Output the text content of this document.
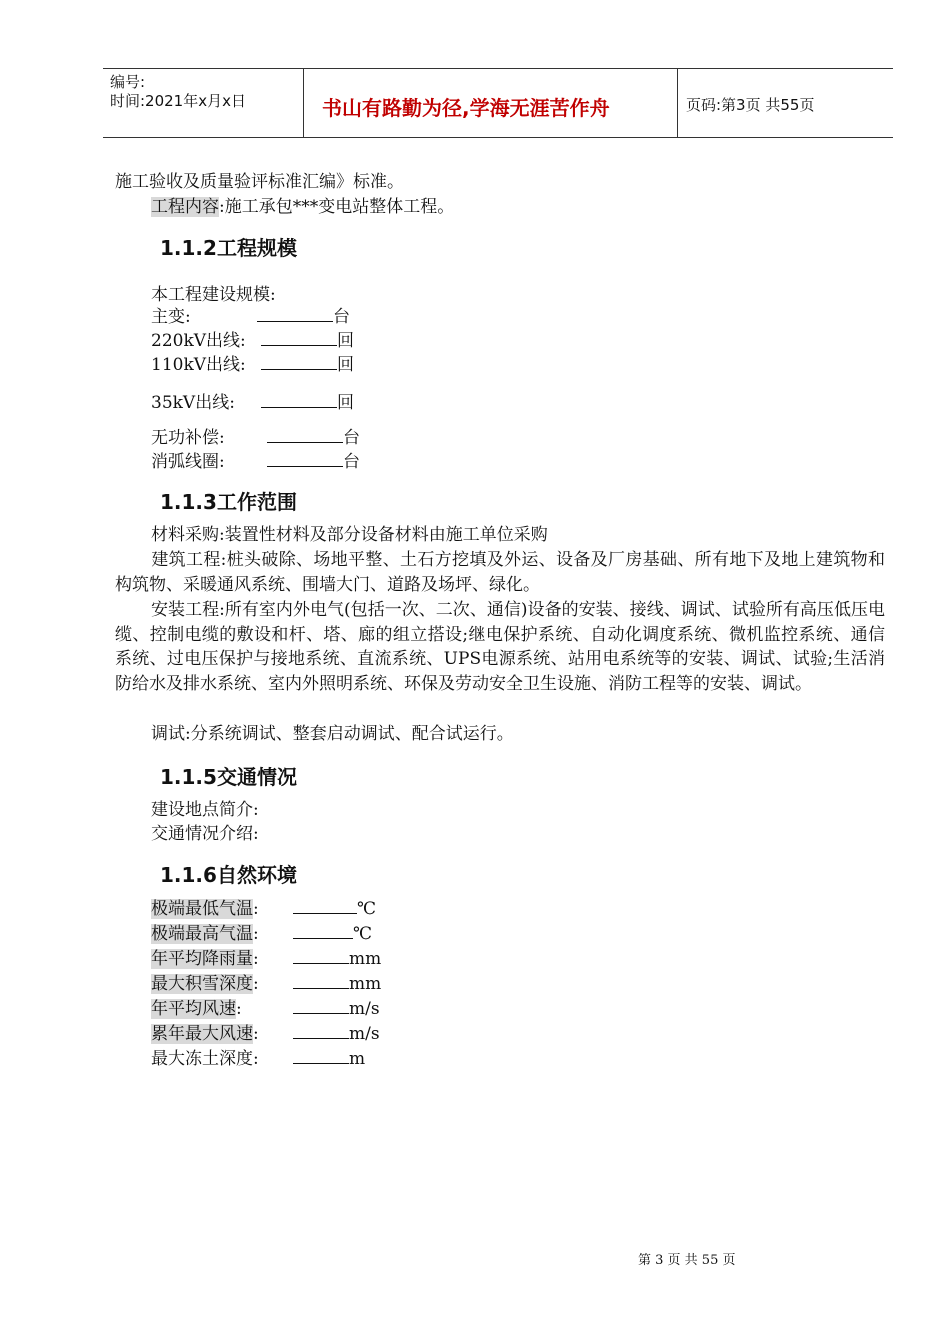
编号:
时间:2021年x月x日	书山有路勤为径,学海无涯苦作舟	页码:第3页 共55页
施工验收及质量验评标准汇编》标准。
工程内容:施工承包***变电站整体工程。
1.1.2工程规模
本工程建设规模:
主变:	台
220kV出线:	回
110kV出线:	回
35kV出线:	回
无功补偿:	台
消弧线圈:	台
1.1.3工作范围
材料采购:装置性材料及部分设备材料由施工单位采购
建筑工程:桩头破除、场地平整、土石方挖填及外运、设备及厂房基础、所有地下及地上建筑物和构筑物、采暖通风系统、围墙大门、道路及场坪、绿化。
安装工程:所有室内外电气(包括一次、二次、通信)设备的安装、接线、调试、试验所有高压低压电缆、控制电缆的敷设和杆、塔、廊的组立搭设;继电保护系统、自动化调度系统、微机监控系统、通信系统、过电压保护与接地系统、直流系统、UPS电源系统、站用电系统等的安装、调试、试验;生活消防给水及排水系统、室内外照明系统、环保及劳动安全卫生设施、消防工程等的安装、调试。
调试:分系统调试、整套启动调试、配合试运行。
1.1.5交通情况
建设地点简介:
交通情况介绍:
1.1.6自然环境
极端最低气温:	℃
极端最高气温:	℃
年平均降雨量:	mm
最大积雪深度:	mm
年平均风速:	m/s
累年最大风速:	m/s
最大冻土深度:	m
第 3 页 共 55 页
